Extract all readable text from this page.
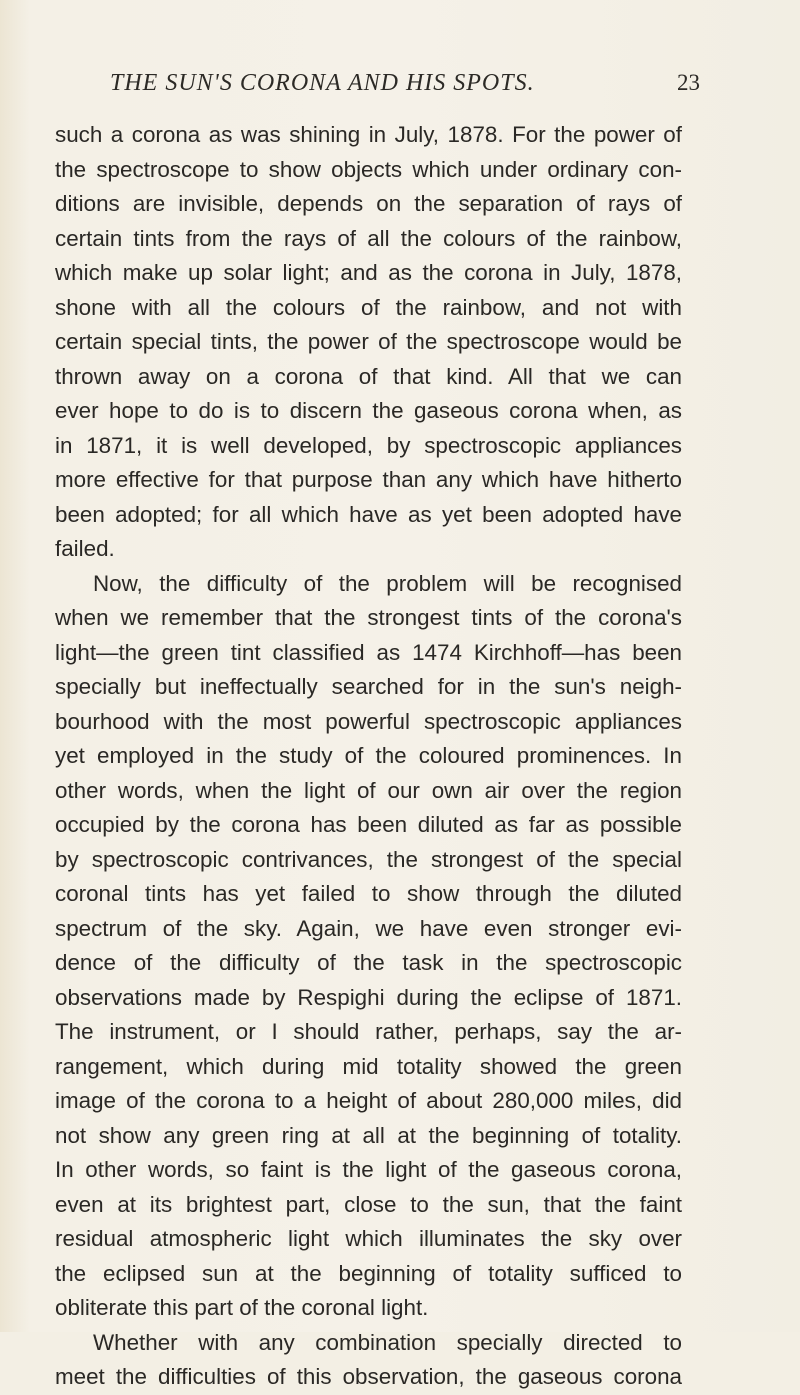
THE SUN'S CORONA AND HIS SPOTS.	23
such a corona as was shining in July, 1878. For the power of
the spectroscope to show objects which under ordinary con-
ditions are invisible, depends on the separation of rays of
certain tints from the rays of all the colours of the rainbow,
which make up solar light; and as the corona in July, 1878,
shone with all the colours of the rainbow, and not with
certain special tints, the power of the spectroscope would be
thrown away on a corona of that kind. All that we can
ever hope to do is to discern the gaseous corona when, as
in 1871, it is well developed, by spectroscopic appliances
more effective for that purpose than any which have hitherto
been adopted; for all which have as yet been adopted have
failed.
Now, the difficulty of the problem will be recognised
when we remember that the strongest tints of the corona's
light—the green tint classified as 1474 Kirchhoff—has been
specially but ineffectually searched for in the sun's neigh-
bourhood with the most powerful spectroscopic appliances
yet employed in the study of the coloured prominences. In
other words, when the light of our own air over the region
occupied by the corona has been diluted as far as possible
by spectroscopic contrivances, the strongest of the special
coronal tints has yet failed to show through the diluted
spectrum of the sky. Again, we have even stronger evi-
dence of the difficulty of the task in the spectroscopic
observations made by Respighi during the eclipse of 1871.
The instrument, or I should rather, perhaps, say the ar-
rangement, which during mid totality showed the green
image of the corona to a height of about 280,000 miles, did
not show any green ring at all at the beginning of totality.
In other words, so faint is the light of the gaseous corona,
even at its brightest part, close to the sun, that the faint
residual atmospheric light which illuminates the sky over
the eclipsed sun at the beginning of totality sufficed to
obliterate this part of the coronal light.
Whether with any combination specially directed to
meet the difficulties of this observation, the gaseous corona
